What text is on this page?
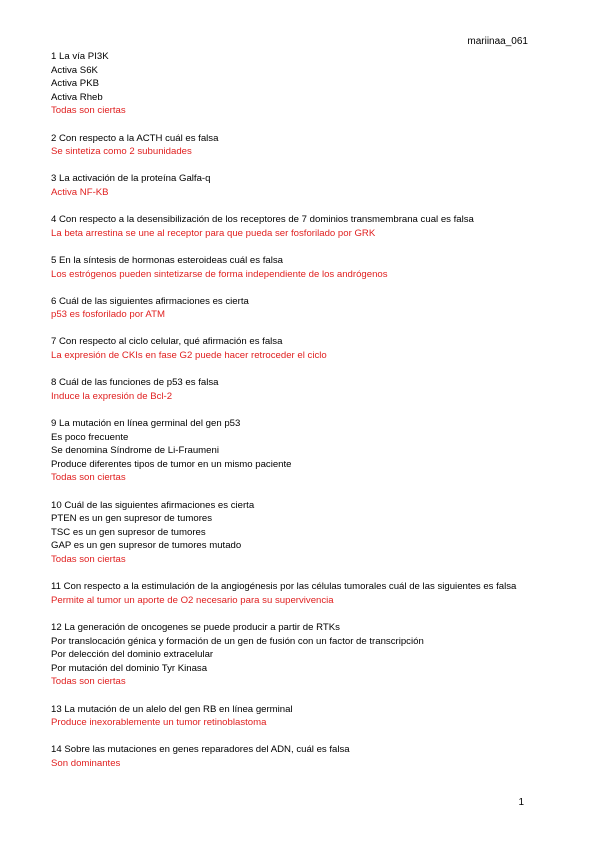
mariinaa_061
1 La vía PI3K
Activa S6K
Activa PKB
Activa Rheb
Todas son ciertas
2 Con respecto a la ACTH cuál es falsa
Se sintetiza como 2 subunidades
3 La activación de la proteína Galfa-q
Activa NF-KB
4 Con respecto a la desensibilización de los receptores de 7 dominios transmembrana cual es falsa
La beta arrestina se une al receptor para que pueda ser fosforilado por GRK
5 En la síntesis de hormonas esteroideas cuál es falsa
Los estrógenos pueden sintetizarse de forma independiente de los andrógenos
6 Cuál de las siguientes afirmaciones es cierta
p53 es fosforilado por ATM
7 Con respecto al ciclo celular, qué afirmación es falsa
La expresión de CKIs en fase G2 puede hacer retroceder el ciclo
8 Cuál de las funciones de p53 es falsa
Induce la expresión de Bcl-2
9 La mutación en línea germinal del gen p53
Es poco frecuente
Se denomina Síndrome de Li-Fraumeni
Produce diferentes tipos de tumor en un mismo paciente
Todas son ciertas
10 Cuál de las siguientes afirmaciones es cierta
PTEN es un gen supresor de tumores
TSC es un gen supresor de tumores
GAP es un gen supresor de tumores mutado
Todas son ciertas
11 Con respecto a la estimulación de la angiogénesis por las células tumorales cuál de las siguientes es falsa
Permite al tumor un aporte de O2 necesario para su supervivencia
12 La generación de oncogenes se puede producir a partir de RTKs
Por translocación génica y formación de un gen de fusión con un factor de transcripción
Por delección del dominio extracelular
Por mutación del dominio Tyr Kinasa
Todas son ciertas
13 La mutación de un alelo del gen RB en línea germinal
Produce inexorablemente un tumor retinoblastoma
14 Sobre las mutaciones en genes reparadores del ADN, cuál es falsa
Son dominantes
1
